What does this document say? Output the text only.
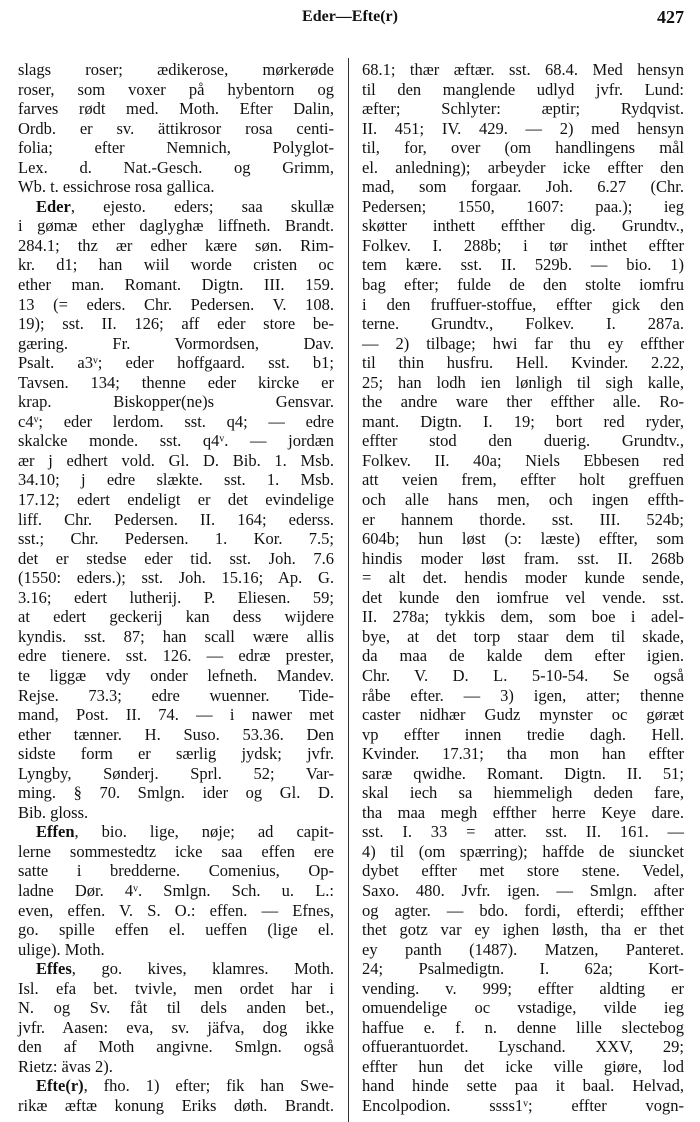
Eder—Efte(r)	427
slags roser; ædikerose, mørkerøde
roser, som voxer på hybentorn og
farves rødt med. Moth. Efter Dalin,
Ordb. er sv. ättikrosor rosa centi-
folia; efter Nemnich, Polyglot-
Lex. d. Nat.-Gesch. og Grimm,
Wb. t. essichrose rosa gallica.
Eder, ejesto. eders; saa skullæ
i gømæ ether daglyghæ liffneth. Brandt.
284.1; thz ær edher kære søn. Rim-
kr. d1; han wiil worde cristen oc
ether man. Romant. Digtn. III. 159.
13 (= eders. Chr. Pedersen. V. 108.
19); sst. II. 126; aff eder store be-
gæring. Fr. Vormordsen, Dav.
Psalt. a3ᵛ; eder hoffgaard. sst. b1;
Tavsen. 134; thenne eder kircke er
krap. Biskopper(ne)s Gensvar.
c4ᵛ; eder lerdom. sst. q4; — edre
skalcke monde. sst. q4ᵛ. — jordæn
ær j edhert vold. Gl. D. Bib. 1. Msb.
34.10; j edre slækte. sst. 1. Msb.
17.12; edert endeligt er det evindelige
liff. Chr. Pedersen. II. 164; ederss.
sst.; Chr. Pedersen. 1. Kor. 7.5;
det er stedse eder tid. sst. Joh. 7.6
(1550: eders.); sst. Joh. 15.16; Ap. G.
3.16; edert lutherij. P. Eliesen. 59;
at edert geckerij kan dess wijdere
kyndis. sst. 87; han scall wære allis
edre tienere. sst. 126. — edræ prester,
te liggæ vdy onder lefneth. Mandev.
Rejse. 73.3; edre wuenner. Tide-
mand, Post. II. 74. — i nawer met
ether tænner. H. Suso. 53.36. Den
sidste form er særlig jydsk; jvfr.
Lyngby, Sønderj. Sprl. 52; Var-
ming. § 70. Smlgn. ider og Gl. D.
Bib. gloss.
Effen, bio. lige, nøje; ad capit-
lerne sommestedtz icke saa effen ere
satte i bredderne. Comenius, Op-
ladne Dør. 4ᵛ. Smlgn. Sch. u. L.:
even, effen. V. S. O.: effen. — Efnes,
go. spille effen el. ueffen (lige el.
ulige). Moth.
Effes, go. kives, klamres. Moth.
Isl. efa bet. tvivle, men ordet har i
N. og Sv. fåt til dels anden bet.,
jvfr. Aasen: eva, sv. jäfva, dog ikke
den af Moth angivne. Smlgn. også
Rietz: ävas 2).
Efte(r), fho. 1) efter; fik han Swe-
rikæ æftæ konung Eriks døth. Brandt.
68.1; thær æftær. sst. 68.4. Med hensyn
til den manglende udlyd jvfr. Lund:
æfter; Schlyter: æptir; Rydqvist.
II. 451; IV. 429. — 2) med hensyn
til, for, over (om handlingens mål
el. anledning); arbeyder icke effter den
mad, som forgaar. Joh. 6.27 (Chr.
Pedersen; 1550, 1607: paa.); ieg
skøtter inthett effther dig. Grundtv.,
Folkev. I. 288b; i tør inthet effter
tem kære. sst. II. 529b. — bio. 1)
bag efter; fulde de den stolte iomfru
i den fruffuer-stoffue, effter gick den
terne. Grundtv., Folkev. I. 287a.
— 2) tilbage; hwi far thu ey effther
til thin husfru. Hell. Kvinder. 2.22,
25; han lodh ien lønligh til sigh kalle,
the andre ware ther effther alle. Ro-
mant. Digtn. I. 19; bort red ryder,
effter stod den duerig. Grundtv.,
Folkev. II. 40a; Niels Ebbesen red
att veien frem, effter holt greffuen
och alle hans men, och ingen effth-
er hannem thorde. sst. III. 524b;
604b; hun løst (ɔ: læste) effter, som
hindis moder løst fram. sst. II. 268b
= alt det. hendis moder kunde sende,
det kunde den iomfrue vel vende. sst.
II. 278a; tykkis dem, som boe i adel-
bye, at det torp staar dem til skade,
da maa de kalde dem efter igien.
Chr. V. D. L. 5-10-54. Se også
råbe efter. — 3) igen, atter; thenne
caster nidhær Gudz mynster oc gøræt
vp effter innen tredie dagh. Hell.
Kvinder. 17.31; tha mon han effter
saræ qwidhe. Romant. Digtn. II. 51;
skal iech sa hiemmeligh deden fare,
tha maa megh effther herre Keye dare.
sst. I. 33 = atter. sst. II. 161. —
4) til (om spærring); haffde de siuncket
dybet effter met store stene. Vedel,
Saxo. 480. Jvfr. igen. — Smlgn. after
og agter. — bdo. fordi, efterdi; effther
thet gotz var ey ighen løsth, tha er thet
ey panth (1487). Matzen, Panteret.
24; Psalmedigtn. I. 62a; Kort-
vending. v. 999; effter aldting er
omuendelige oc vstadige, vilde ieg
haffue e. f. n. denne lille slectebog
offuerantuordet. Lyschand. XXV, 29;
effter hun det icke ville giøre, lod
hand hinde sette paa it baal. Helvad,
Encolpodion. ssss1ᵛ; effter vogn-
